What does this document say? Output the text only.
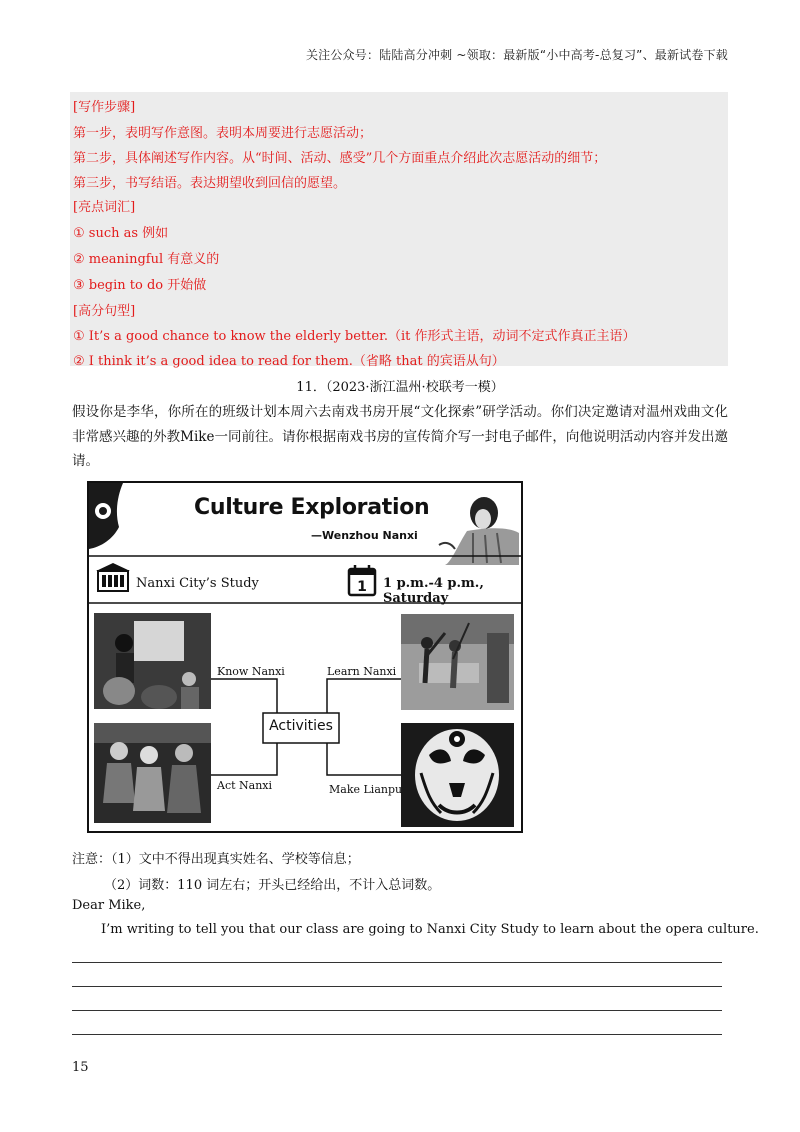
关注公众号：陆陆高分冲刺 ~领取：最新版“小中高考-总复习”、最新试卷下载
[写作步骤]
第一步，表明写作意图。表明本周要进行志愿活动；
第二步，具体阐述写作内容。从“时间、活动、感受”几个方面重点介绍此次志愿活动的细节；
第三步，书写结语。表达期望收到回信的愿望。
[亮点词汇]
① such as 例如
② meaningful 有意义的
③ begin to do 开始做
[高分句型]
① It’s a good chance to know the elderly better.（it 作形式主语，动词不定式作真正主语）
② I think it’s a good idea to read for them.（省略 that 的宾语从句）
11．（2023·浙江温州·校联考一模）
假设你是李华，你所在的班级计划本周六去南戏书房开展“文化探索”研学活动。你们决定邀请对温州戏曲文化非常感兴趣的外教Mike一同前往。请你根据南戏书房的宣传简介写一封电子邮件，向他说明活动内容并发出邀请。
1
Culture Exploration
—Wenzhou Nanxi
Nanxi City’s Study	1 p.m.-4 p.m., Saturday
Activities
Know Nanxi	Learn Nanxi
Act Nanxi	Make Lianpu
注意：（1）文中不得出现真实姓名、学校等信息；
（2）词数：110 词左右；开头已经给出，不计入总词数。
Dear Mike,
I’m writing to tell you that our class are going to Nanxi City Study to learn about the opera culture.
15
